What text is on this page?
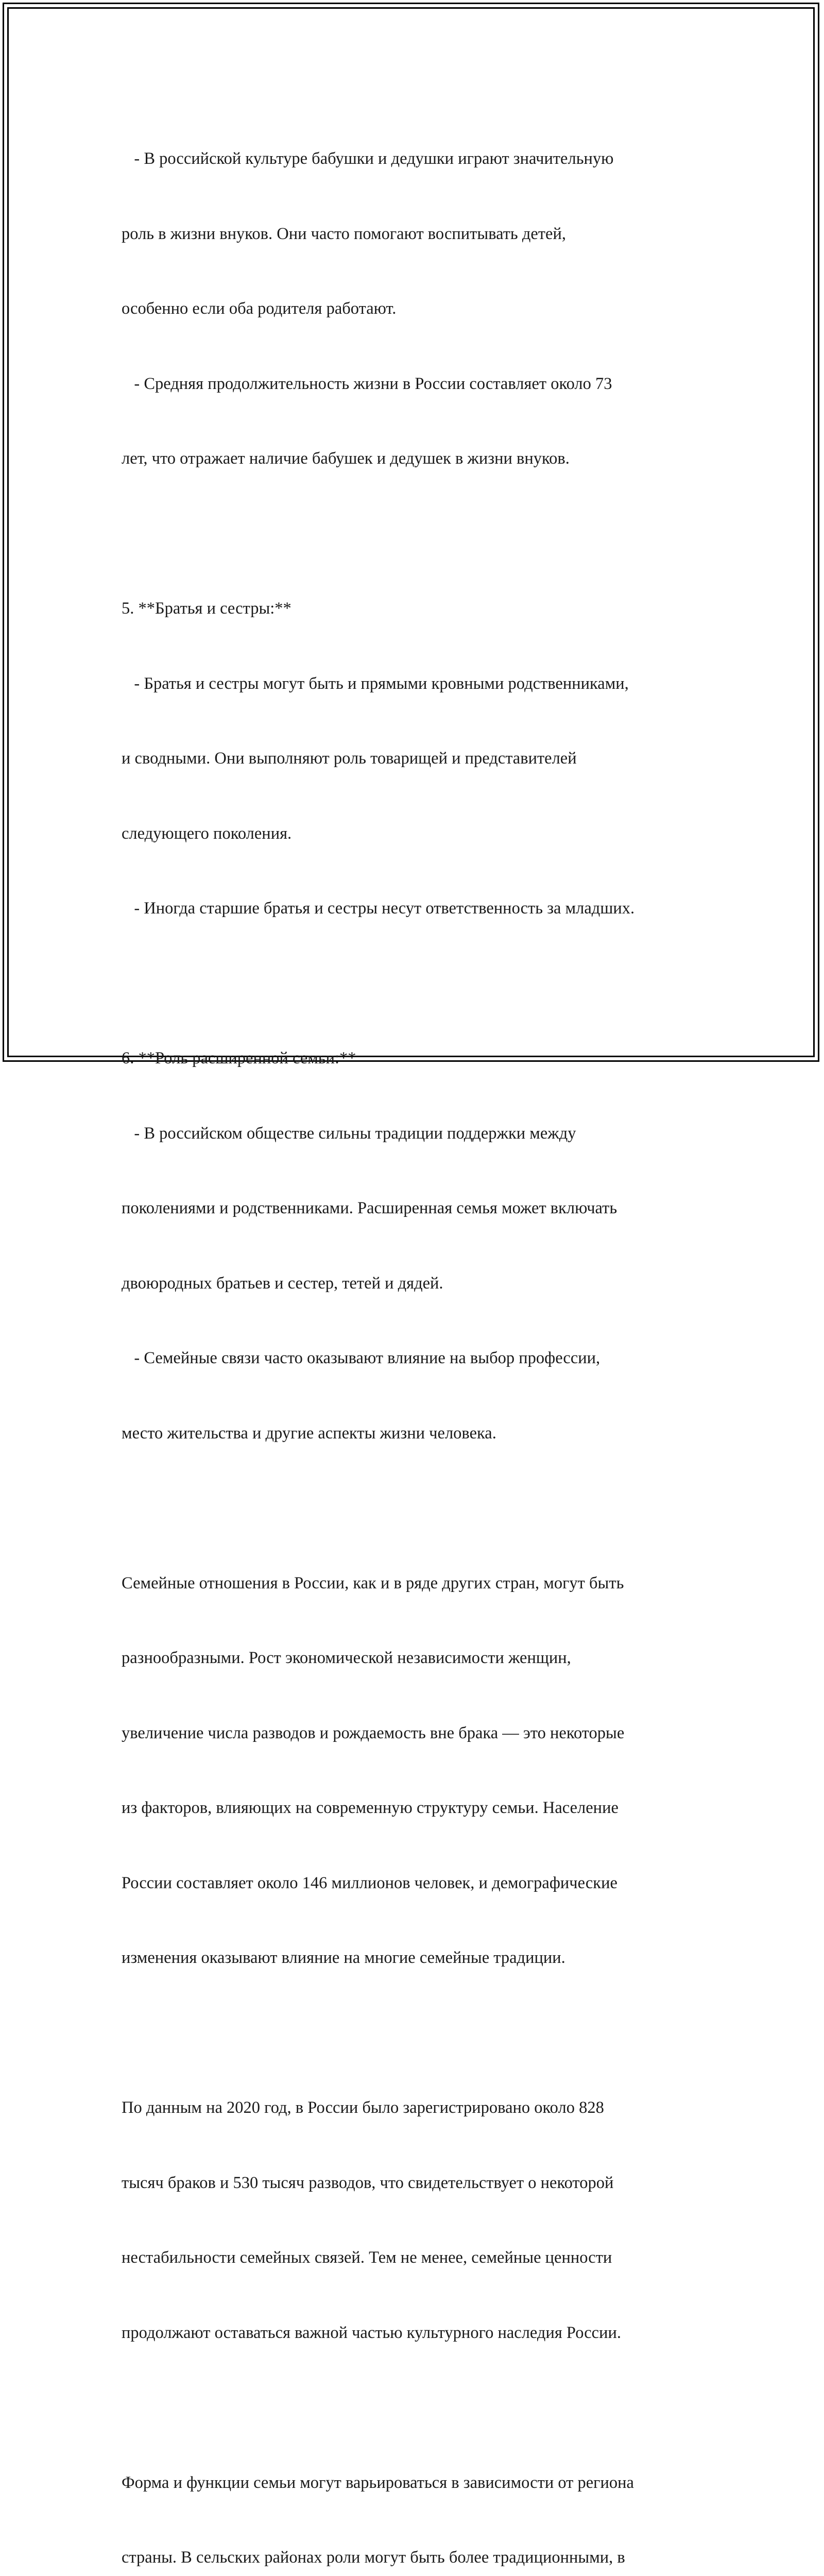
- В российской культуре бабушки и дедушки играют значительную

роль в жизни внуков. Они часто помогают воспитывать детей,

особенно если оба родителя работают.

- Средняя продолжительность жизни в России составляет около 73

лет, что отражает наличие бабушек и дедушек в жизни внуков.

5. **Братья и сестры:**

- Братья и сестры могут быть и прямыми кровными родственниками,

и сводными. Они выполняют роль товарищей и представителей

следующего поколения.

- Иногда старшие братья и сестры несут ответственность за младших.

6. **Роль расширенной семьи:**

- В российском обществе сильны традиции поддержки между

поколениями и родственниками. Расширенная семья может включать

двоюродных братьев и сестер, тетей и дядей.

- Семейные связи часто оказывают влияние на выбор профессии,

место жительства и другие аспекты жизни человека.

Семейные отношения в России, как и в ряде других стран, могут быть

разнообразными. Рост экономической независимости женщин,

увеличение числа разводов и рождаемость вне брака — это некоторые

из факторов, влияющих на современную структуру семьи. Население

России составляет около 146 миллионов человек, и демографические

изменения оказывают влияние на многие семейные традиции.

По данным на 2020 год, в России было зарегистрировано около 828

тысяч браков и 530 тысяч разводов, что свидетельствует о некоторой

нестабильности семейных связей. Тем не менее, семейные ценности

продолжают оставаться важной частью культурного наследия России.

Форма и функции семьи могут варьироваться в зависимости от региона

страны. В сельских районах роли могут быть более традиционными, в
